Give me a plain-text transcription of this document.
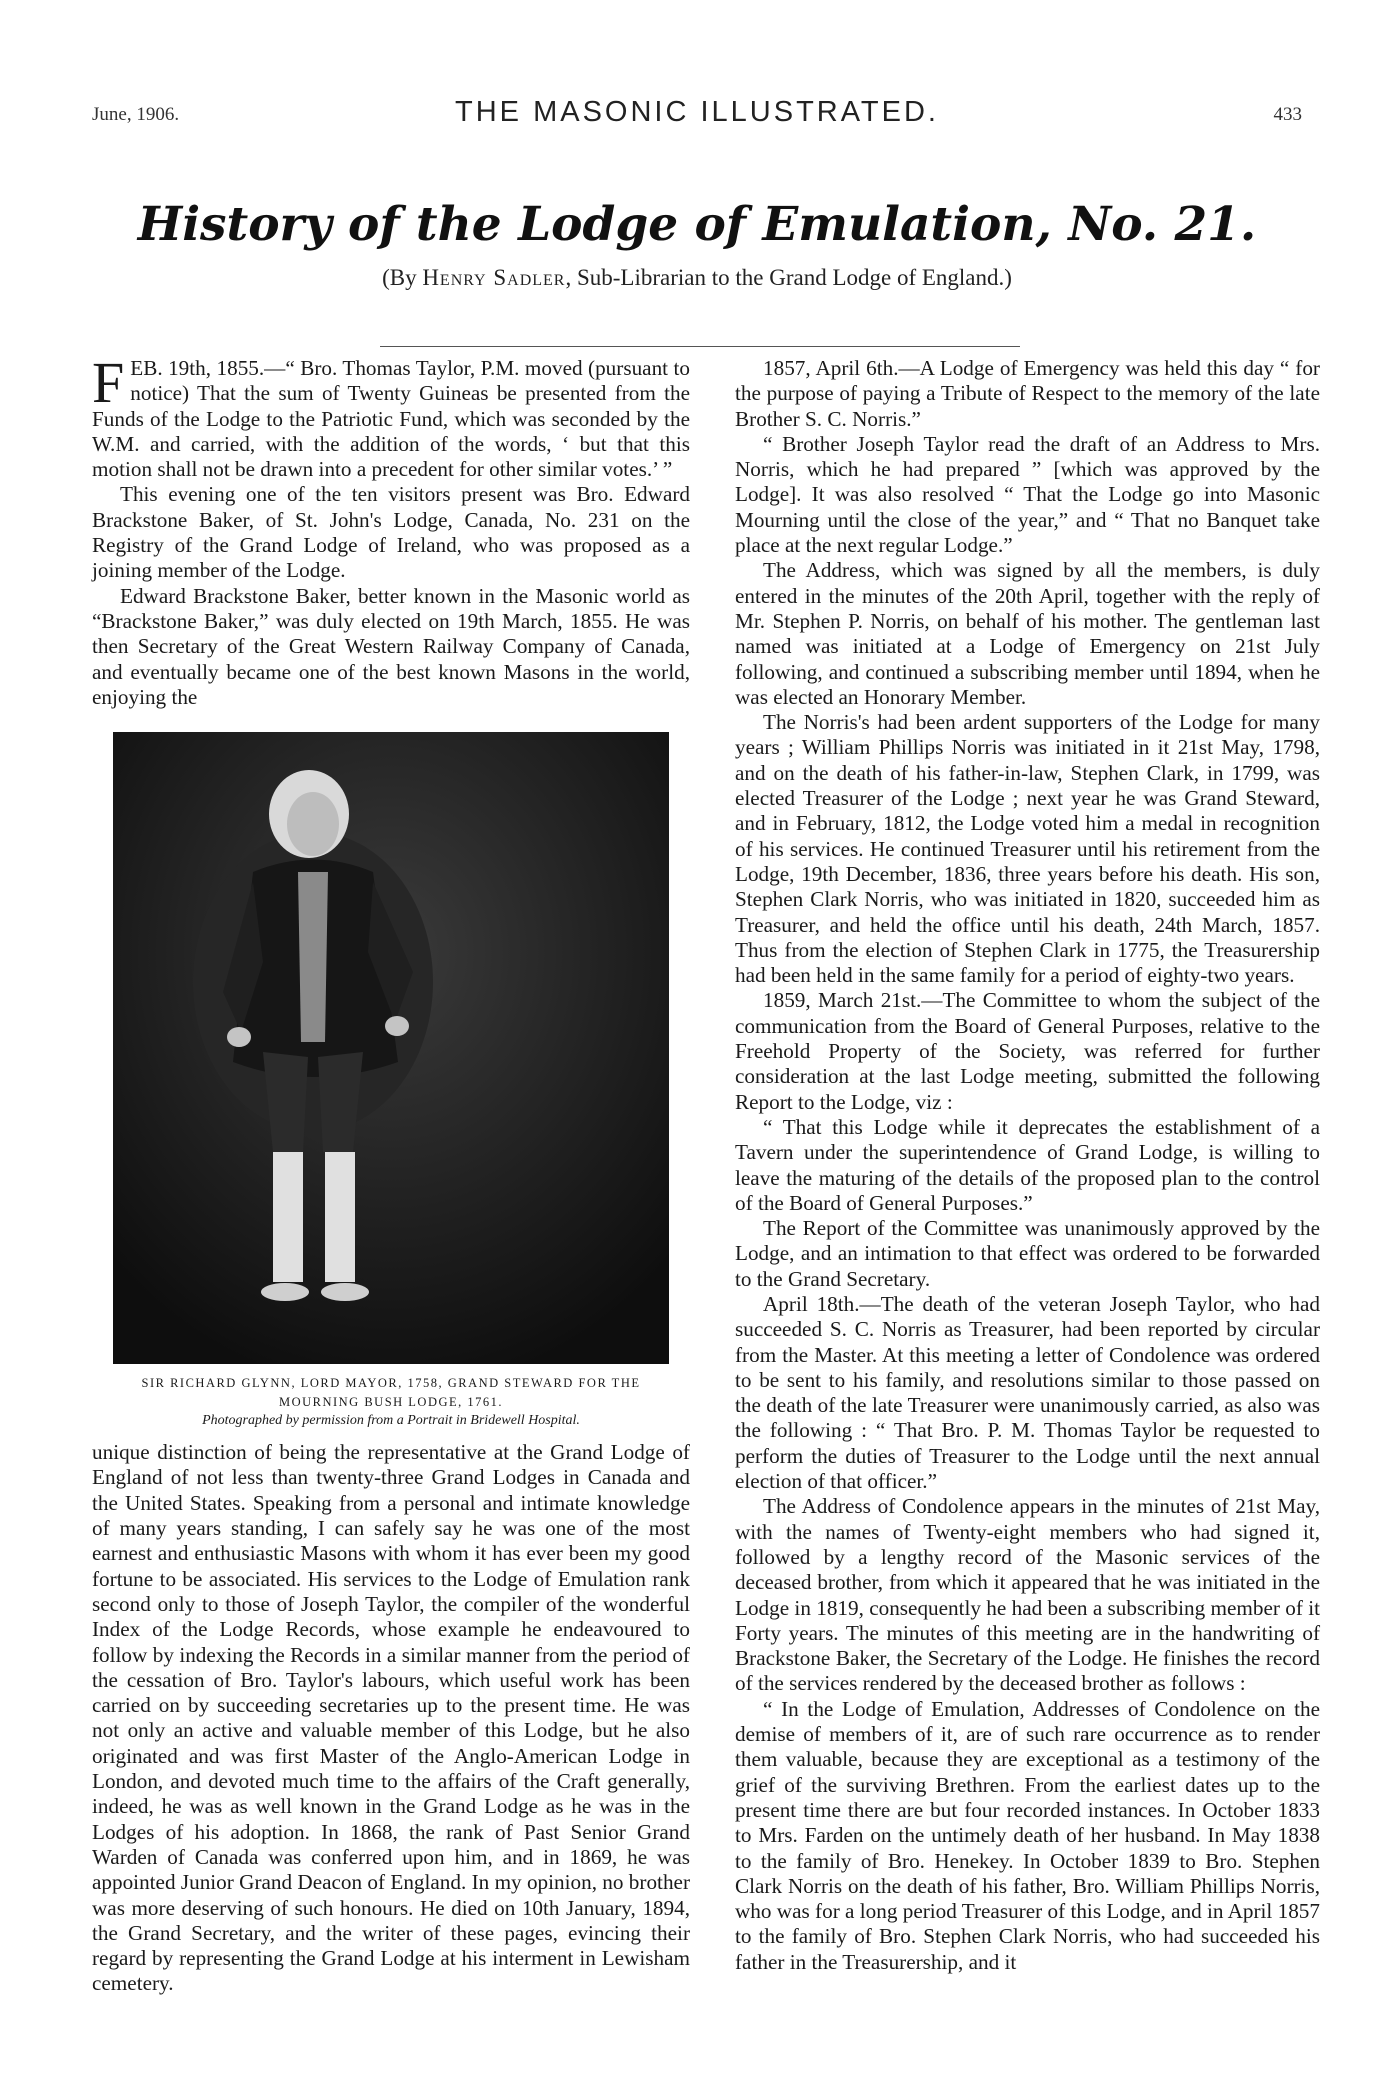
June, 1906.	THE MASONIC ILLUSTRATED.	433
History of the Lodge of Emulation, No. 21.
(By Henry Sadler, Sub-Librarian to the Grand Lodge of England.)

FEB. 19th, 1855.—“ Bro. Thomas Taylor, P.M. moved (pursuant to notice) That the sum of Twenty Guineas be presented from the Funds of the Lodge to the Patriotic Fund, which was seconded by the W.M. and carried, with the addition of the words, ‘ but that this motion shall not be drawn into a precedent for other similar votes.’ ”

This evening one of the ten visitors present was Bro. Edward Brackstone Baker, of St. John's Lodge, Canada, No. 231 on the Registry of the Grand Lodge of Ireland, who was proposed as a joining member of the Lodge.

Edward Brackstone Baker, better known in the Masonic world as “Brackstone Baker,” was duly elected on 19th March, 1855. He was then Secretary of the Great Western Railway Company of Canada, and eventually became one of the best known Masons in the world, enjoying the

SIR RICHARD GLYNN, LORD MAYOR, 1758, GRAND STEWARD FOR THE
MOURNING BUSH LODGE, 1761.
Photographed by permission from a Portrait in Bridewell Hospital.

unique distinction of being the representative at the Grand Lodge of England of not less than twenty-three Grand Lodges in Canada and the United States. Speaking from a personal and intimate knowledge of many years standing, I can safely say he was one of the most earnest and enthusiastic Masons with whom it has ever been my good fortune to be associated. His services to the Lodge of Emulation rank second only to those of Joseph Taylor, the compiler of the wonderful Index of the Lodge Records, whose example he endeavoured to follow by indexing the Records in a similar manner from the period of the cessation of Bro. Taylor's labours, which useful work has been carried on by succeeding secretaries up to the present time. He was not only an active and valuable member of this Lodge, but he also originated and was first Master of the Anglo-American Lodge in London, and devoted much time to the affairs of the Craft generally, indeed, he was as well known in the Grand Lodge as he was in the Lodges of his adoption. In 1868, the rank of Past Senior Grand Warden of Canada was conferred upon him, and in 1869, he was appointed Junior Grand Deacon of England. In my opinion, no brother was more deserving of such honours. He died on 10th January, 1894, the Grand Secretary, and the writer of these pages, evincing their regard by representing the Grand Lodge at his interment in Lewisham cemetery.

1857, April 6th.—A Lodge of Emergency was held this day “ for the purpose of paying a Tribute of Respect to the memory of the late Brother S. C. Norris.”

“ Brother Joseph Taylor read the draft of an Address to Mrs. Norris, which he had prepared ” [which was approved by the Lodge]. It was also resolved “ That the Lodge go into Masonic Mourning until the close of the year,” and “ That no Banquet take place at the next regular Lodge.”

The Address, which was signed by all the members, is duly entered in the minutes of the 20th April, together with the reply of Mr. Stephen P. Norris, on behalf of his mother. The gentleman last named was initiated at a Lodge of Emergency on 21st July following, and continued a subscribing member until 1894, when he was elected an Honorary Member.

The Norris's had been ardent supporters of the Lodge for many years ; William Phillips Norris was initiated in it 21st May, 1798, and on the death of his father-in-law, Stephen Clark, in 1799, was elected Treasurer of the Lodge ; next year he was Grand Steward, and in February, 1812, the Lodge voted him a medal in recognition of his services. He continued Treasurer until his retirement from the Lodge, 19th December, 1836, three years before his death. His son, Stephen Clark Norris, who was initiated in 1820, succeeded him as Treasurer, and held the office until his death, 24th March, 1857. Thus from the election of Stephen Clark in 1775, the Treasurership had been held in the same family for a period of eighty-two years.

1859, March 21st.—The Committee to whom the subject of the communication from the Board of General Purposes, relative to the Freehold Property of the Society, was referred for further consideration at the last Lodge meeting, submitted the following Report to the Lodge, viz :

“ That this Lodge while it deprecates the establishment of a Tavern under the superintendence of Grand Lodge, is willing to leave the maturing of the details of the proposed plan to the control of the Board of General Purposes.”

The Report of the Committee was unanimously approved by the Lodge, and an intimation to that effect was ordered to be forwarded to the Grand Secretary.

April 18th.—The death of the veteran Joseph Taylor, who had succeeded S. C. Norris as Treasurer, had been reported by circular from the Master. At this meeting a letter of Condolence was ordered to be sent to his family, and resolutions similar to those passed on the death of the late Treasurer were unanimously carried, as also was the following : “ That Bro. P. M. Thomas Taylor be requested to perform the duties of Treasurer to the Lodge until the next annual election of that officer.”

The Address of Condolence appears in the minutes of 21st May, with the names of Twenty-eight members who had signed it, followed by a lengthy record of the Masonic services of the deceased brother, from which it appeared that he was initiated in the Lodge in 1819, consequently he had been a subscribing member of it Forty years. The minutes of this meeting are in the handwriting of Brackstone Baker, the Secretary of the Lodge. He finishes the record of the services rendered by the deceased brother as follows :

“ In the Lodge of Emulation, Addresses of Condolence on the demise of members of it, are of such rare occurrence as to render them valuable, because they are exceptional as a testimony of the grief of the surviving Brethren. From the earliest dates up to the present time there are but four recorded instances. In October 1833 to Mrs. Farden on the untimely death of her husband. In May 1838 to the family of Bro. Henekey. In October 1839 to Bro. Stephen Clark Norris on the death of his father, Bro. William Phillips Norris, who was for a long period Treasurer of this Lodge, and in April 1857 to the family of Bro. Stephen Clark Norris, who had succeeded his father in the Treasurership, and it
